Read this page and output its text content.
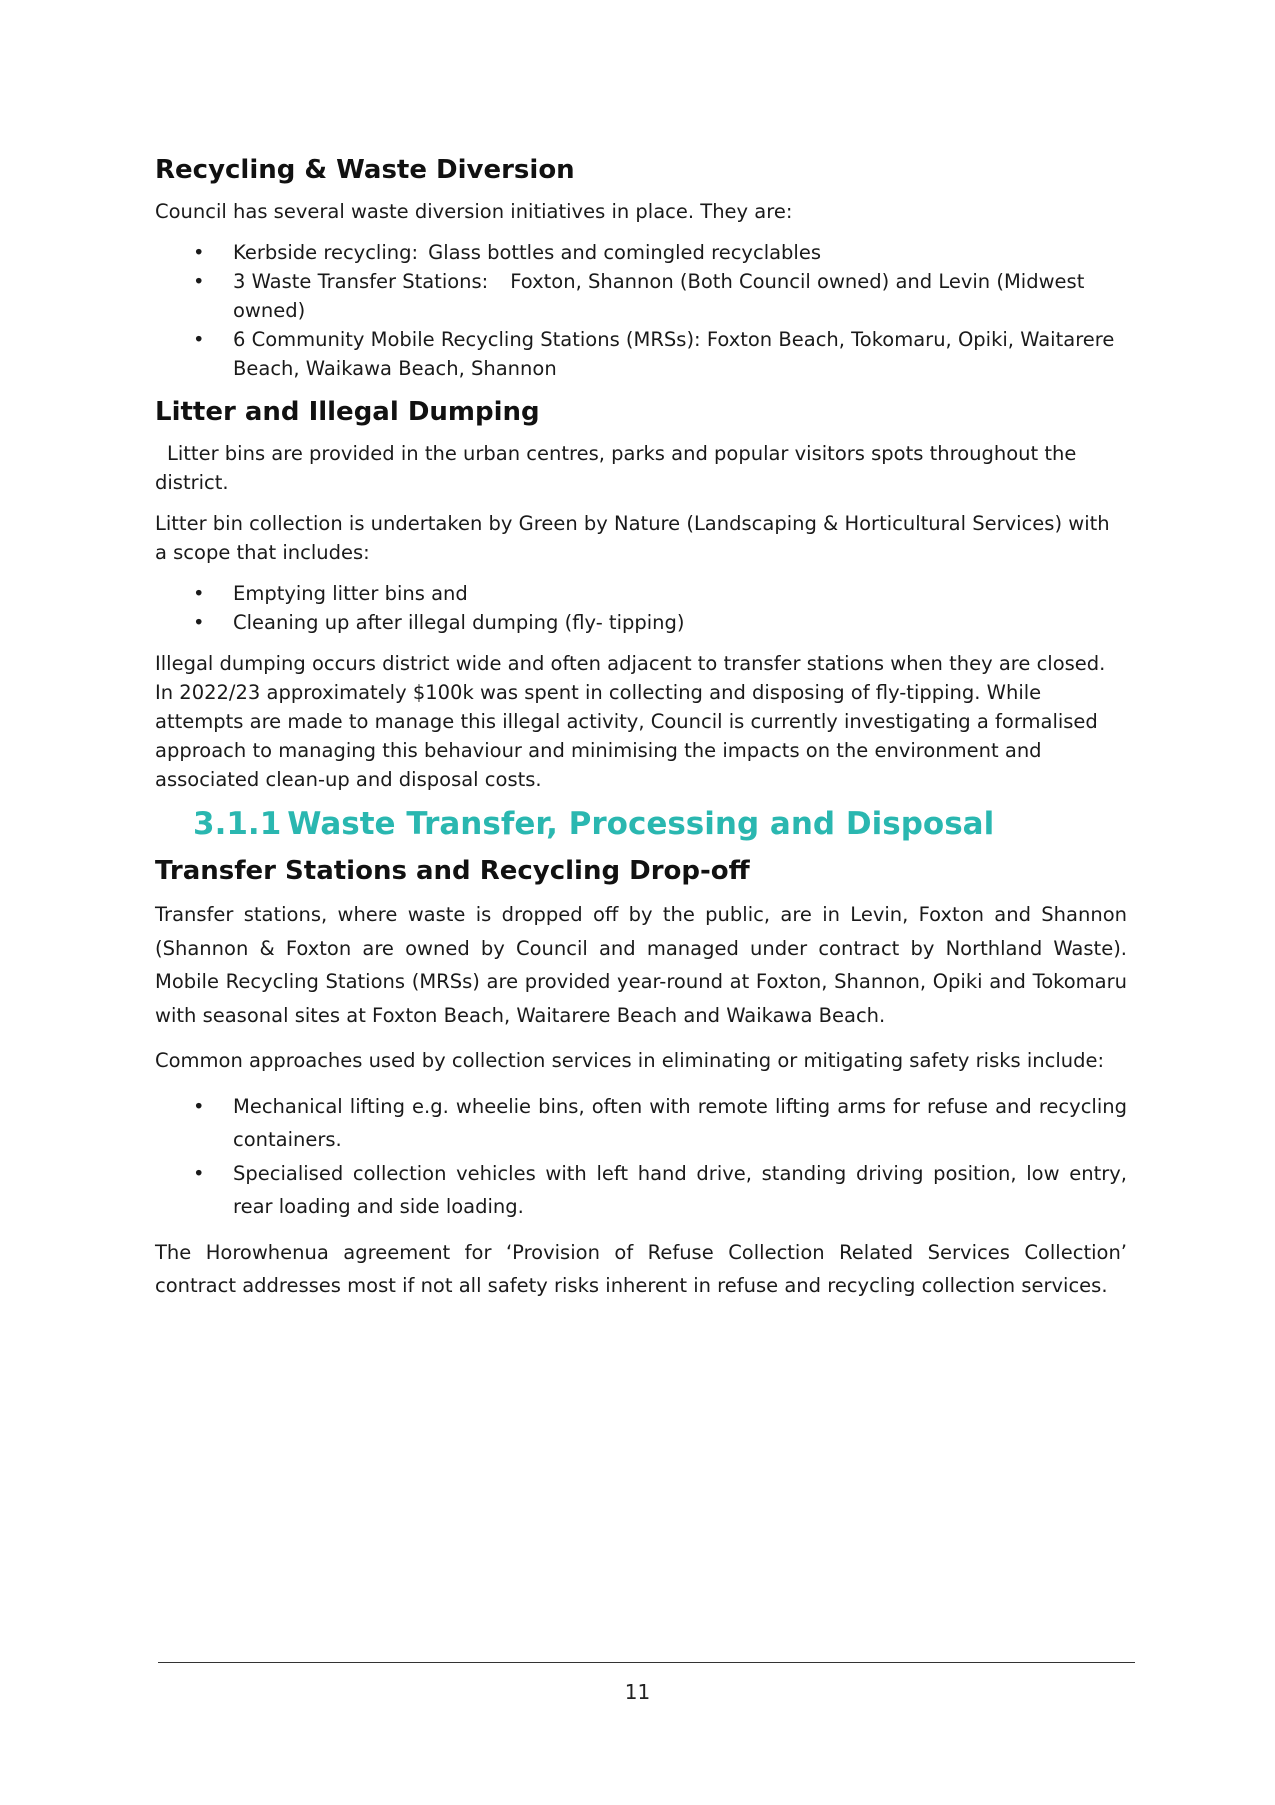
Recycling & Waste Diversion

Council has several waste diversion initiatives in place. They are:

• Kerbside recycling: Glass bottles and comingled recyclables
• 3 Waste Transfer Stations: Foxton, Shannon (Both Council owned) and Levin (Midwest owned)
• 6 Community Mobile Recycling Stations (MRSs): Foxton Beach, Tokomaru, Opiki, Waitarere Beach, Waikawa Beach, Shannon
Litter and Illegal Dumping

Litter bins are provided in the urban centres, parks and popular visitors spots throughout the district.

Litter bin collection is undertaken by Green by Nature (Landscaping & Horticultural Services) with a scope that includes:

• Emptying litter bins and
• Cleaning up after illegal dumping (fly- tipping)

Illegal dumping occurs district wide and often adjacent to transfer stations when they are closed. In 2022/23 approximately $100k was spent in collecting and disposing of fly-tipping. While attempts are made to manage this illegal activity, Council is currently investigating a formalised approach to managing this behaviour and minimising the impacts on the environment and associated clean-up and disposal costs.

3.1.1 Waste Transfer, Processing and Disposal
Transfer Stations and Recycling Drop-off

Transfer stations, where waste is dropped off by the public, are in Levin, Foxton and Shannon (Shannon & Foxton are owned by Council and managed under contract by Northland Waste). Mobile Recycling Stations (MRSs) are provided year-round at Foxton, Shannon, Opiki and Tokomaru with seasonal sites at Foxton Beach, Waitarere Beach and Waikawa Beach.

Common approaches used by collection services in eliminating or mitigating safety risks include:

• Mechanical lifting e.g. wheelie bins, often with remote lifting arms for refuse and recycling containers.
• Specialised collection vehicles with left hand drive, standing driving position, low entry, rear loading and side loading.

The Horowhenua agreement for ‘Provision of Refuse Collection Related Services Collection’ contract addresses most if not all safety risks inherent in refuse and recycling collection services.

11
